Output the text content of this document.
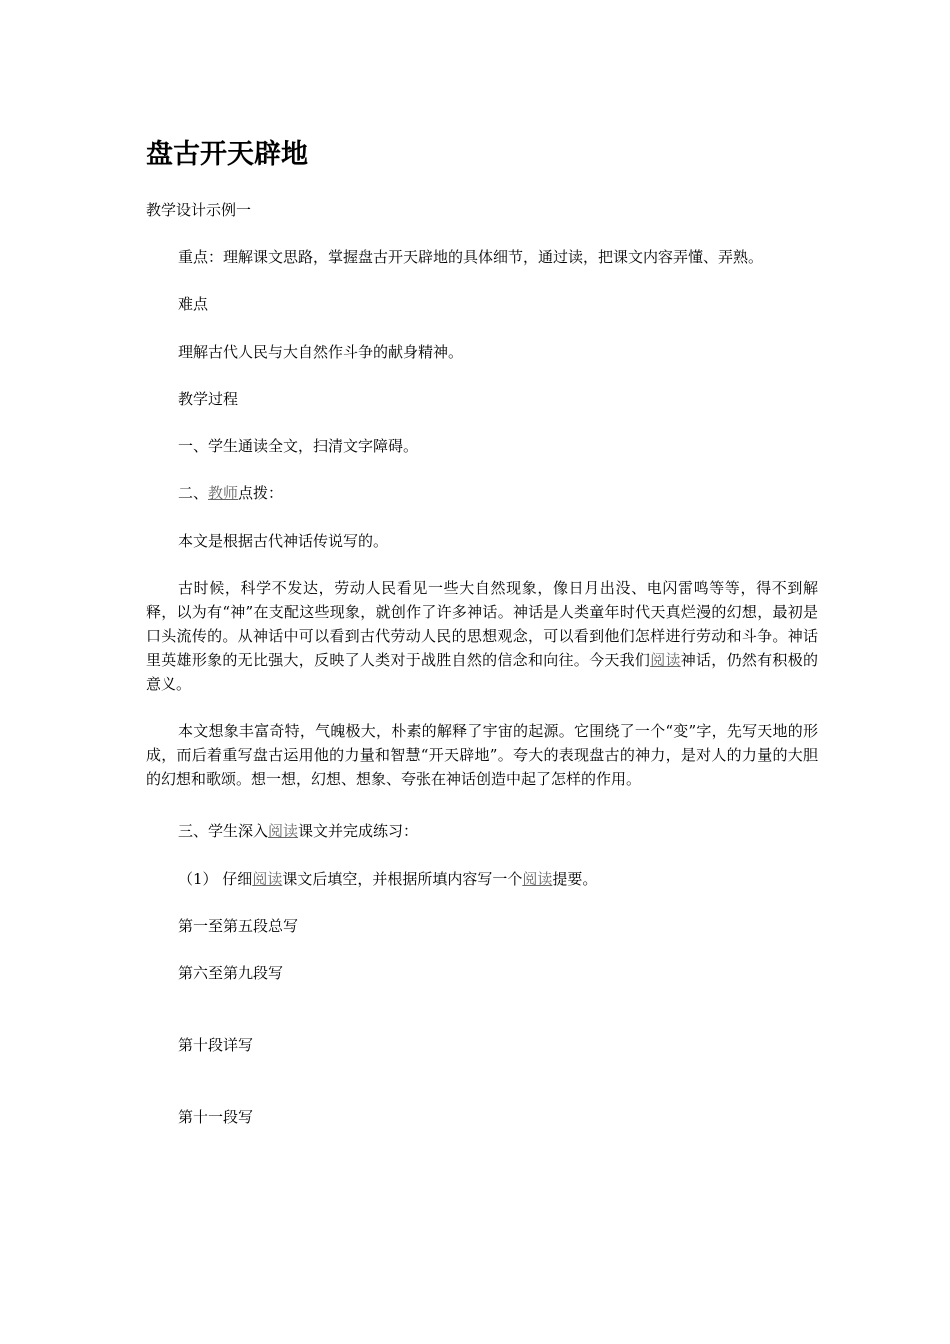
盘古开天辟地
教学设计示例一
重点：理解课文思路，掌握盘古开天辟地的具体细节，通过读，把课文内容弄懂、弄熟。
难点
理解古代人民与大自然作斗争的献身精神。
教学过程
一、学生通读全文，扫清文字障碍。
二、教师点拨：
本文是根据古代神话传说写的。
古时候，科学不发达，劳动人民看见一些大自然现象，像日月出没、电闪雷鸣等等，得不到解释，以为有“神”在支配这些现象，就创作了许多神话。神话是人类童年时代天真烂漫的幻想，最初是口头流传的。从神话中可以看到古代劳动人民的思想观念，可以看到他们怎样进行劳动和斗争。神话里英雄形象的无比强大，反映了人类对于战胜自然的信念和向往。今天我们阅读神话，仍然有积极的意义。
本文想象丰富奇特，气魄极大，朴素的解释了宇宙的起源。它围绕了一个“变”字，先写天地的形成，而后着重写盘古运用他的力量和智慧“开天辟地”。夸大的表现盘古的神力，是对人的力量的大胆的幻想和歌颂。想一想，幻想、想象、夸张在神话创造中起了怎样的作用。
三、学生深入阅读课文并完成练习：
（1） 仔细阅读课文后填空，并根据所填内容写一个阅读提要。
第一至第五段总写
第六至第九段写
第十段详写
第十一段写
